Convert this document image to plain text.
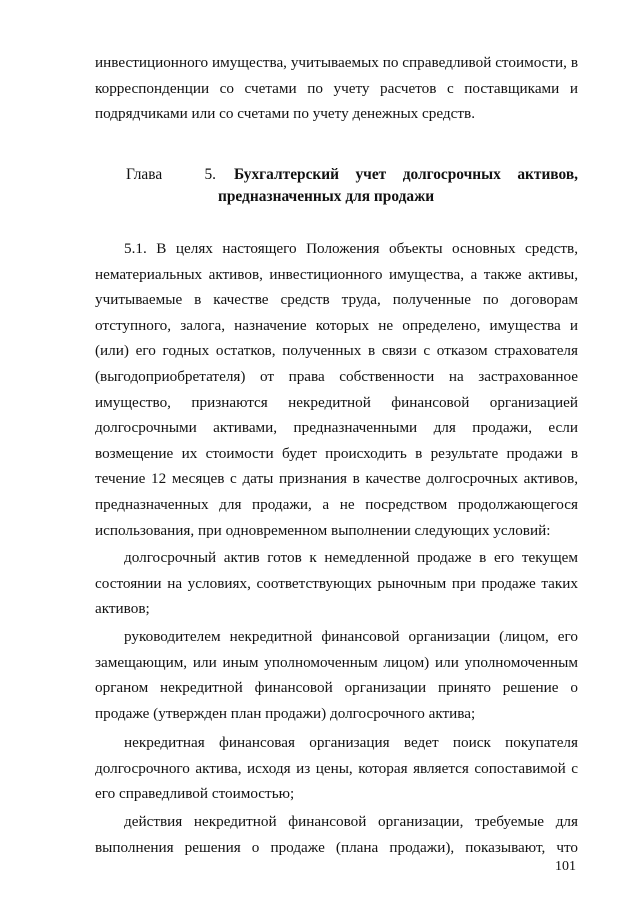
инвестиционного имущества, учитываемых по справедливой стоимости, в корреспонденции со счетами по учету расчетов с поставщиками и подрядчиками или со счетами по учету денежных средств.

Глава	5. Бухгалтерский учет долгосрочных активов,
предназначенных для продажи

5.1. В целях настоящего Положения объекты основных средств, нематериальных активов, инвестиционного имущества, а также активы, учитываемые в качестве средств труда, полученные по договорам отступного, залога, назначение которых не определено, имущества и (или) его годных остатков, полученных в связи с отказом страхователя (выгодоприобретателя) от права собственности на застрахованное имущество, признаются некредитной финансовой организацией долгосрочными активами, предназначенными для продажи, если возмещение их стоимости будет происходить в результате продажи в течение 12 месяцев с даты признания в качестве долгосрочных активов, предназначенных для продажи, а не посредством продолжающегося использования, при одновременном выполнении следующих условий:

долгосрочный актив готов к немедленной продаже в его текущем состоянии на условиях, соответствующих рыночным при продаже таких активов;

руководителем некредитной финансовой организации (лицом, его замещающим, или иным уполномоченным лицом) или уполномоченным органом некредитной финансовой организации принято решение о продаже (утвержден план продажи) долгосрочного актива;

некредитная финансовая организация ведет поиск покупателя долгосрочного актива, исходя из цены, которая является сопоставимой с его справедливой стоимостью;

действия некредитной финансовой организации, требуемые для выполнения решения о продаже (плана продажи), показывают, что

101
